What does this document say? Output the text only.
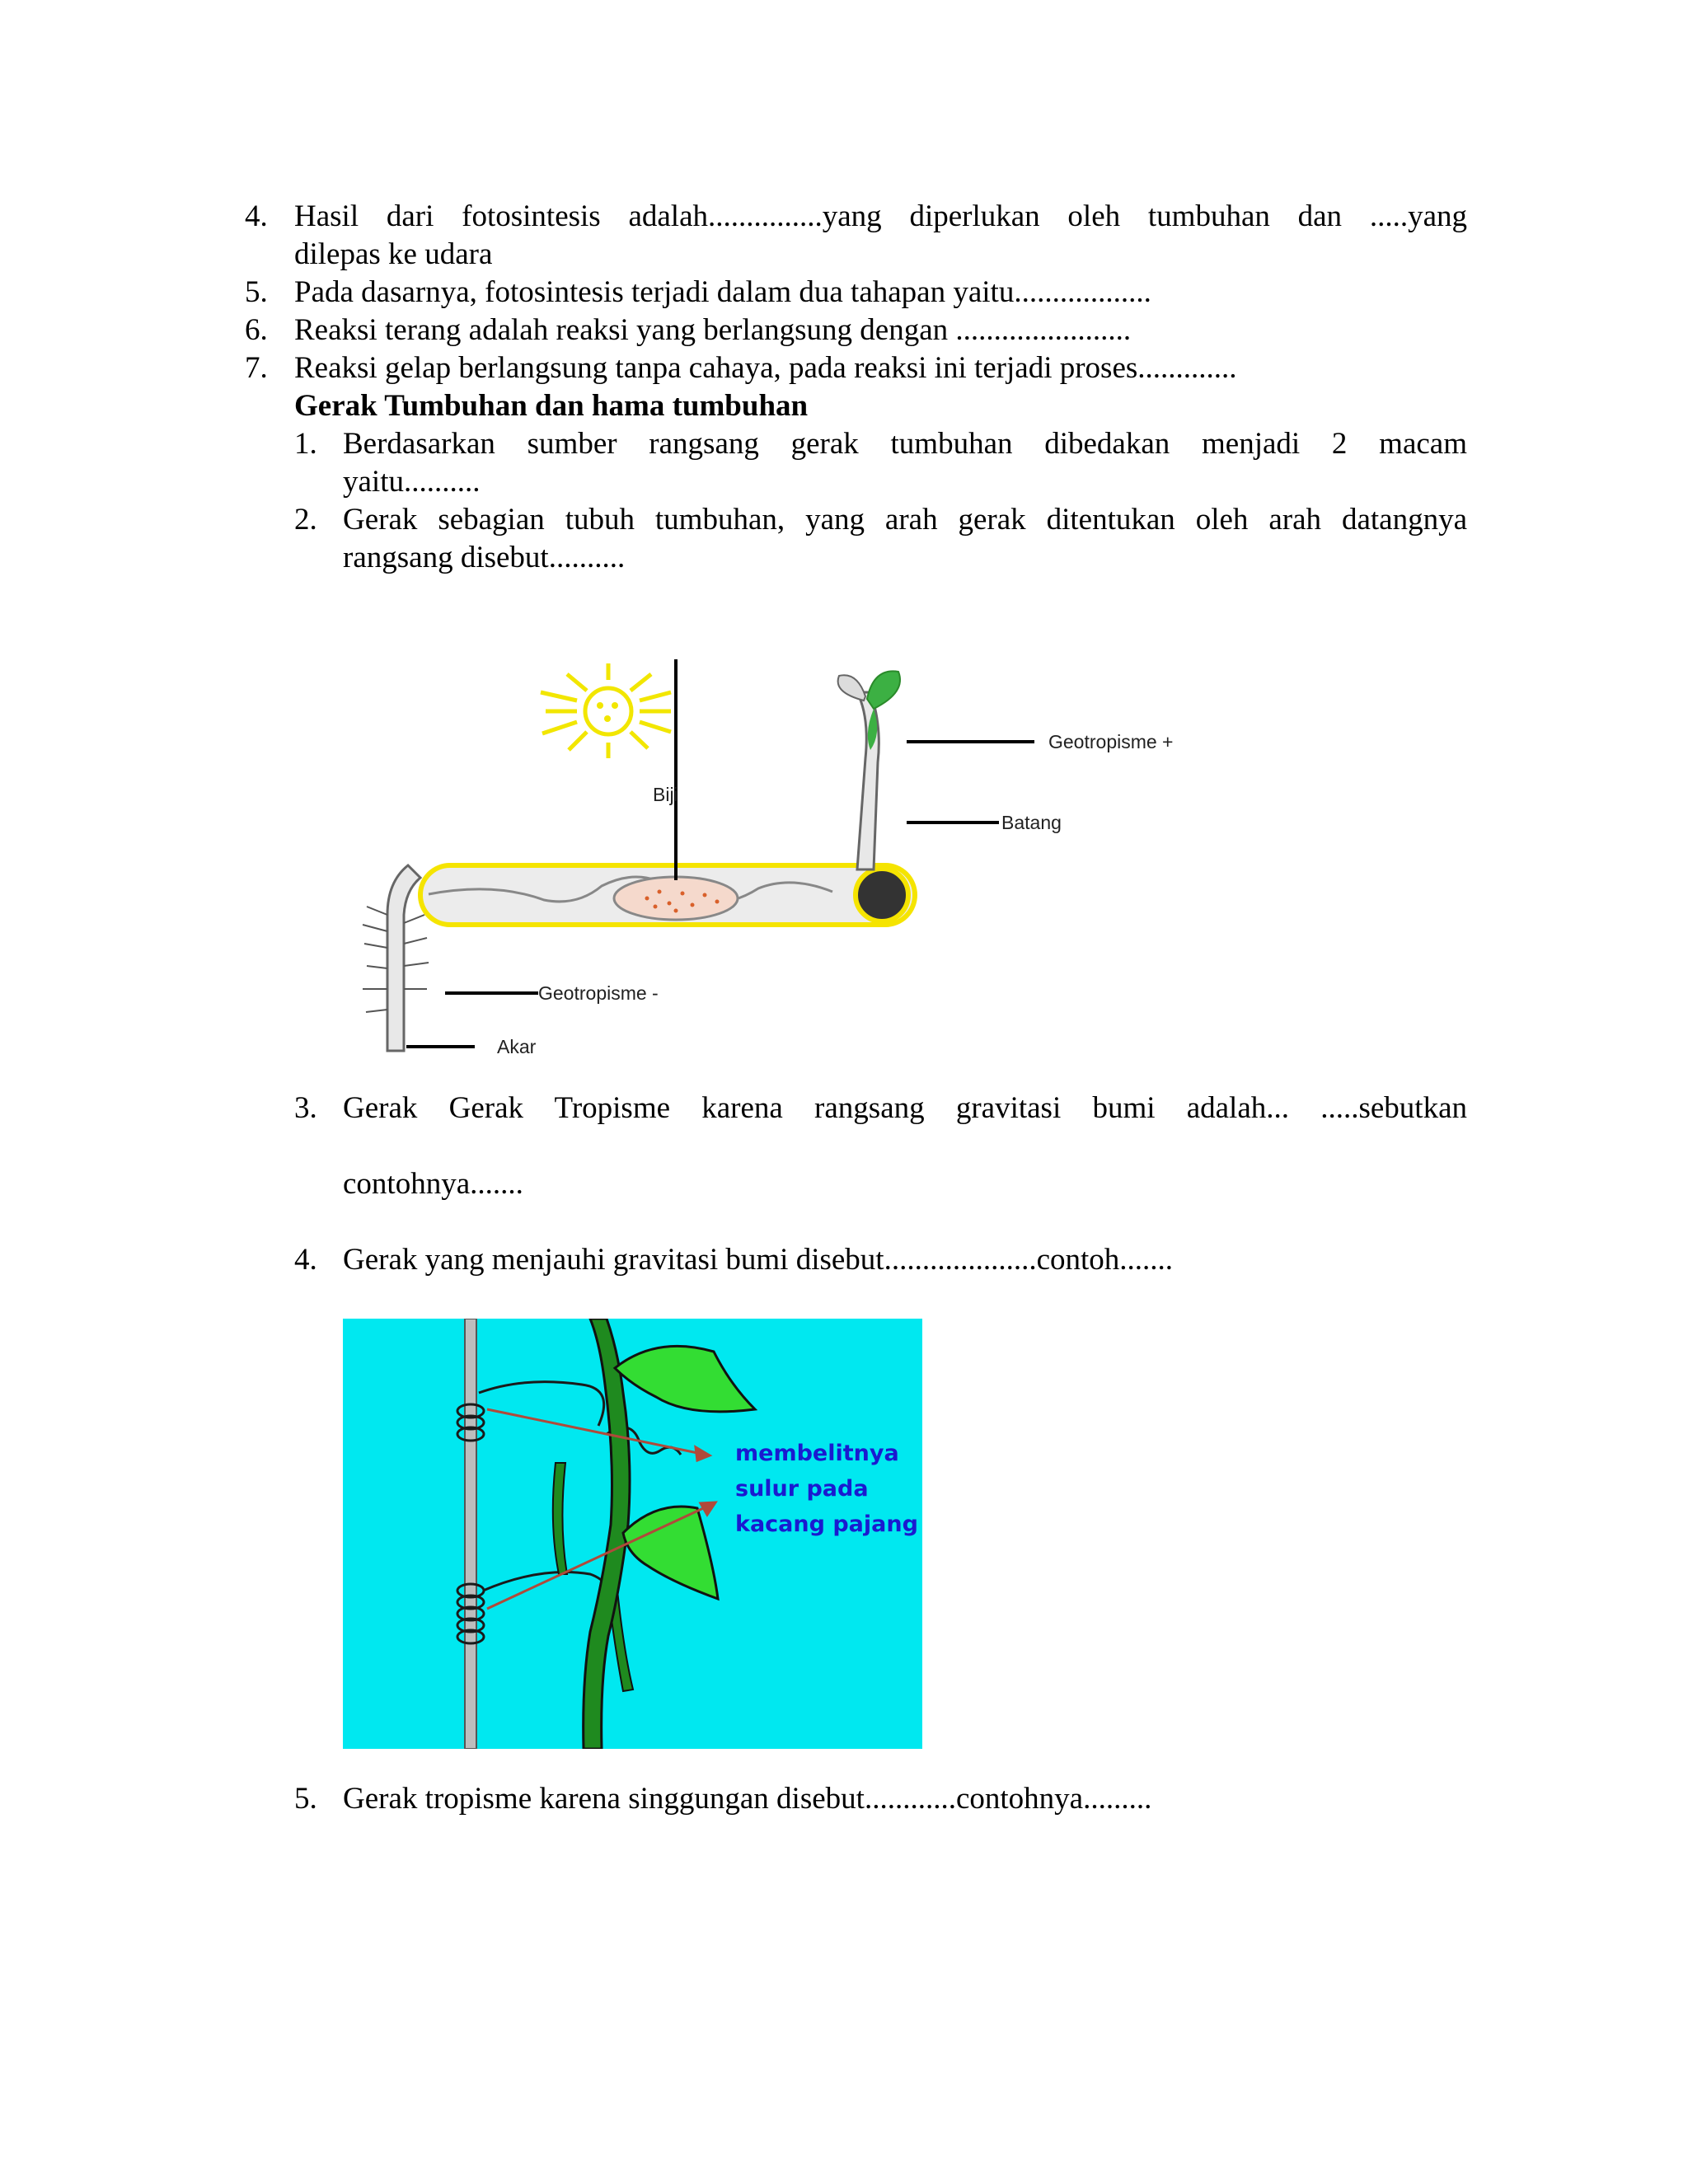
4. Hasil dari fotosintesis adalah...............yang diperlukan oleh tumbuhan dan .....yang
dilepas ke udara
5. Pada dasarnya, fotosintesis terjadi dalam dua tahapan yaitu..................
6. Reaksi terang adalah reaksi yang berlangsung dengan .......................
7. Reaksi gelap berlangsung tanpa cahaya, pada reaksi ini terjadi proses.............
Gerak Tumbuhan dan hama tumbuhan
1. Berdasarkan sumber rangsang gerak tumbuhan dibedakan menjadi 2 macam
yaitu..........
2. Gerak sebagian tubuh tumbuhan, yang arah gerak ditentukan oleh arah datangnya
rangsang disebut..........
Geotropisme +
Batang
Biji
Geotropisme -
Akar
3. Gerak Gerak Tropisme karena rangsang gravitasi bumi adalah... .....sebutkan
contohnya.......
4. Gerak yang menjauhi gravitasi bumi disebut....................contoh.......
membelitnya
sulur pada
kacang pajang
5. Gerak tropisme karena singgungan disebut............contohnya.........
